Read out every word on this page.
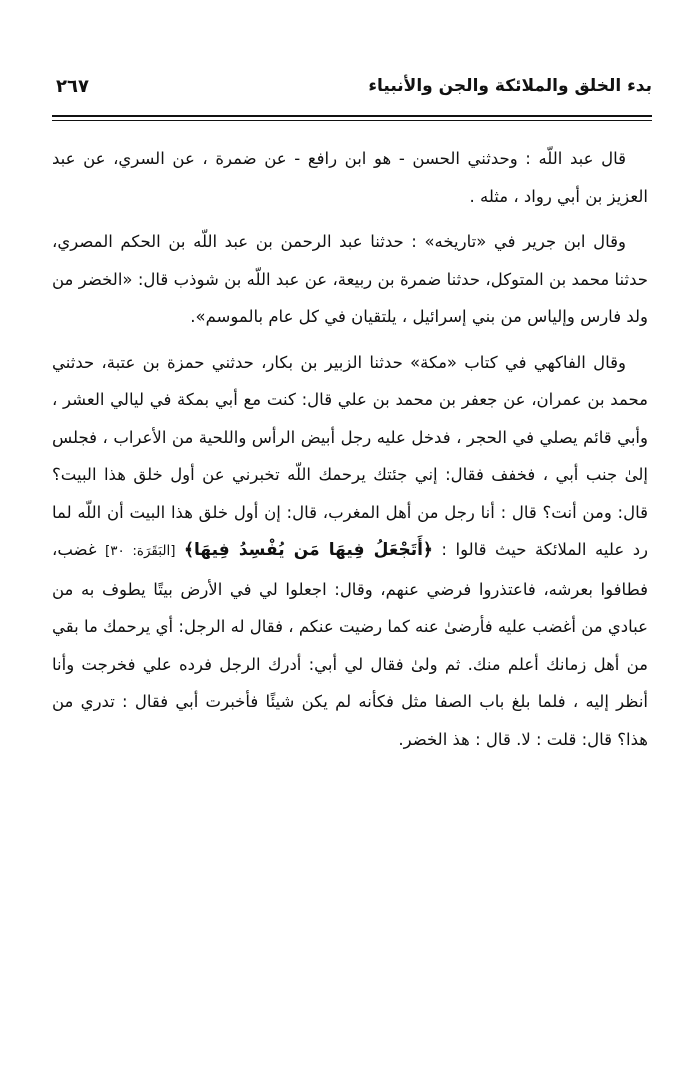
بدء الخلق والملائكة والجن والأنبياء
٢٦٧

قال عبد اللّه : وحدثني الحسن - هو ابن رافع - عن ضمرة ، عن السري، عن عبد العزيز بن أبي رواد ، مثله .

وقال ابن جرير في «تاريخه» : حدثنا عبد الرحمن بن عبد اللّه بن الحكم المصري، حدثنا محمد بن المتوكل، حدثنا ضمرة بن ربيعة، عن عبد اللّه بن شوذب قال: «الخضر من ولد فارس وإلياس من بني إسرائيل ، يلتقيان في كل عام بالموسم».

وقال الفاكهي في كتاب «مكة» حدثنا الزبير بن بكار، حدثني حمزة بن عتبة، حدثني محمد بن عمران، عن جعفر بن محمد بن علي قال: كنت مع أبي بمكة في ليالي العشر ، وأبي قائم يصلي في الحجر ، فدخل عليه رجل أبيض الرأس واللحية من الأعراب ، فجلس إلىٰ جنب أبي ، فخفف فقال: إني جئتك يرحمك اللّه تخبرني عن أول خلق هذا البيت؟ قال: ومن أنت؟ قال : أنا رجل من أهل المغرب، قال: إن أول خلق هذا البيت أن اللّه لما رد عليه الملائكة حيث قالوا : ﴿أَتَجْعَلُ فِيهَا مَن يُفْسِدُ فِيهَا﴾ [البَقَرَة: ٣٠] غضب، فطافوا بعرشه، فاعتذروا فرضي عنهم، وقال: اجعلوا لي في الأرض بيتًا يطوف به من عبادي من أغضب عليه فأرضىٰ عنه كما رضيت عنكم ، فقال له الرجل: أي يرحمك ما بقي من أهل زمانك أعلم منك. ثم ولىٰ فقال لي أبي: أدرك الرجل فرده علي فخرجت وأنا أنظر إليه ، فلما بلغ باب الصفا مثل فكأنه لم يكن شيئًا فأخبرت أبي فقال : تدري من هذا؟ قال: قلت : لا. قال : هذ الخضر.
